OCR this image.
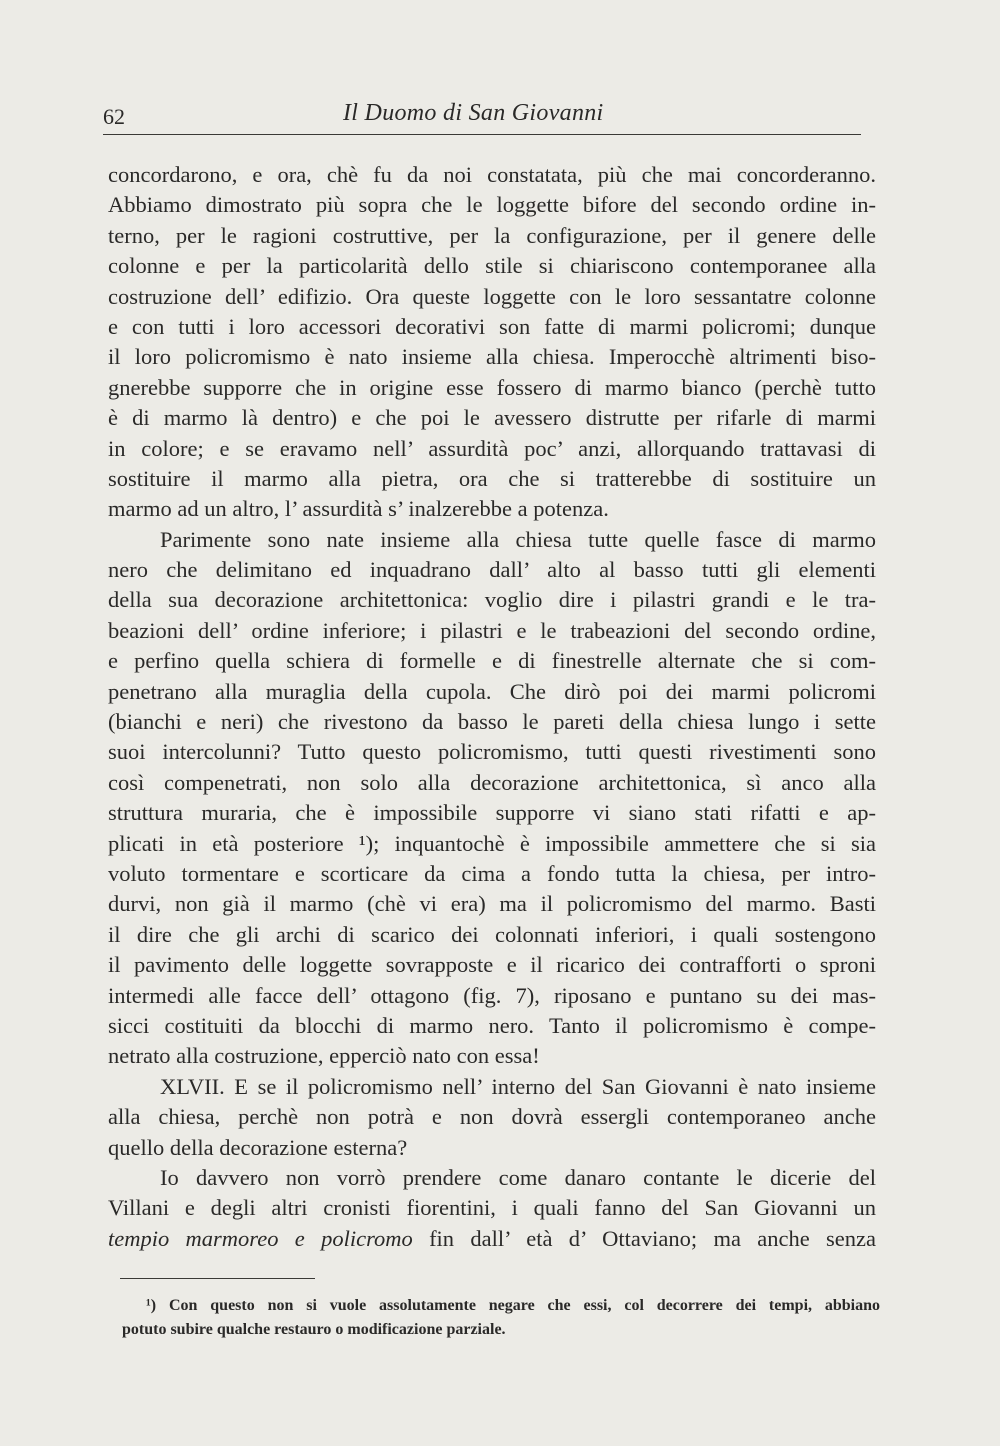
62	Il Duomo di San Giovanni
concordarono, e ora, chè fu da noi constatata, più che mai concorderanno.
Abbiamo dimostrato più sopra che le loggette bifore del secondo ordine in-
terno, per le ragioni costruttive, per la configurazione, per il genere delle
colonne e per la particolarità dello stile si chiariscono contemporanee alla
costruzione dell’ edifizio. Ora queste loggette con le loro sessantatre colonne
e con tutti i loro accessori decorativi son fatte di marmi policromi; dunque
il loro policromismo è nato insieme alla chiesa. Imperocchè altrimenti biso-
gnerebbe supporre che in origine esse fossero di marmo bianco (perchè tutto
è di marmo là dentro) e che poi le avessero distrutte per rifarle di marmi
in colore; e se eravamo nell’ assurdità poc’ anzi, allorquando trattavasi di
sostituire il marmo alla pietra, ora che si tratterebbe di sostituire un
marmo ad un altro, l’ assurdità s’ inalzerebbe a potenza.
Parimente sono nate insieme alla chiesa tutte quelle fasce di marmo
nero che delimitano ed inquadrano dall’ alto al basso tutti gli elementi
della sua decorazione architettonica: voglio dire i pilastri grandi e le tra-
beazioni dell’ ordine inferiore; i pilastri e le trabeazioni del secondo ordine,
e perfino quella schiera di formelle e di finestrelle alternate che si com-
penetrano alla muraglia della cupola. Che dirò poi dei marmi policromi
(bianchi e neri) che rivestono da basso le pareti della chiesa lungo i sette
suoi intercolunni? Tutto questo policromismo, tutti questi rivestimenti sono
così compenetrati, non solo alla decorazione architettonica, sì anco alla
struttura muraria, che è impossibile supporre vi siano stati rifatti e ap-
plicati in età posteriore ¹); inquantochè è impossibile ammettere che si sia
voluto tormentare e scorticare da cima a fondo tutta la chiesa, per intro-
durvi, non già il marmo (chè vi era) ma il policromismo del marmo. Basti
il dire che gli archi di scarico dei colonnati inferiori, i quali sostengono
il pavimento delle loggette sovrapposte e il ricarico dei contrafforti o sproni
intermedi alle facce dell’ ottagono (fig. 7), riposano e puntano su dei mas-
sicci costituiti da blocchi di marmo nero. Tanto il policromismo è compe-
netrato alla costruzione, epperciò nato con essa!
XLVII. E se il policromismo nell’ interno del San Giovanni è nato insieme
alla chiesa, perchè non potrà e non dovrà essergli contemporaneo anche
quello della decorazione esterna?
Io davvero non vorrò prendere come danaro contante le dicerie del
Villani e degli altri cronisti fiorentini, i quali fanno del San Giovanni un
tempio marmoreo e policromo fin dall’ età d’ Ottaviano; ma anche senza
¹) Con questo non si vuole assolutamente negare che essi, col decorrere dei tempi, abbiano
potuto subire qualche restauro o modificazione parziale.
